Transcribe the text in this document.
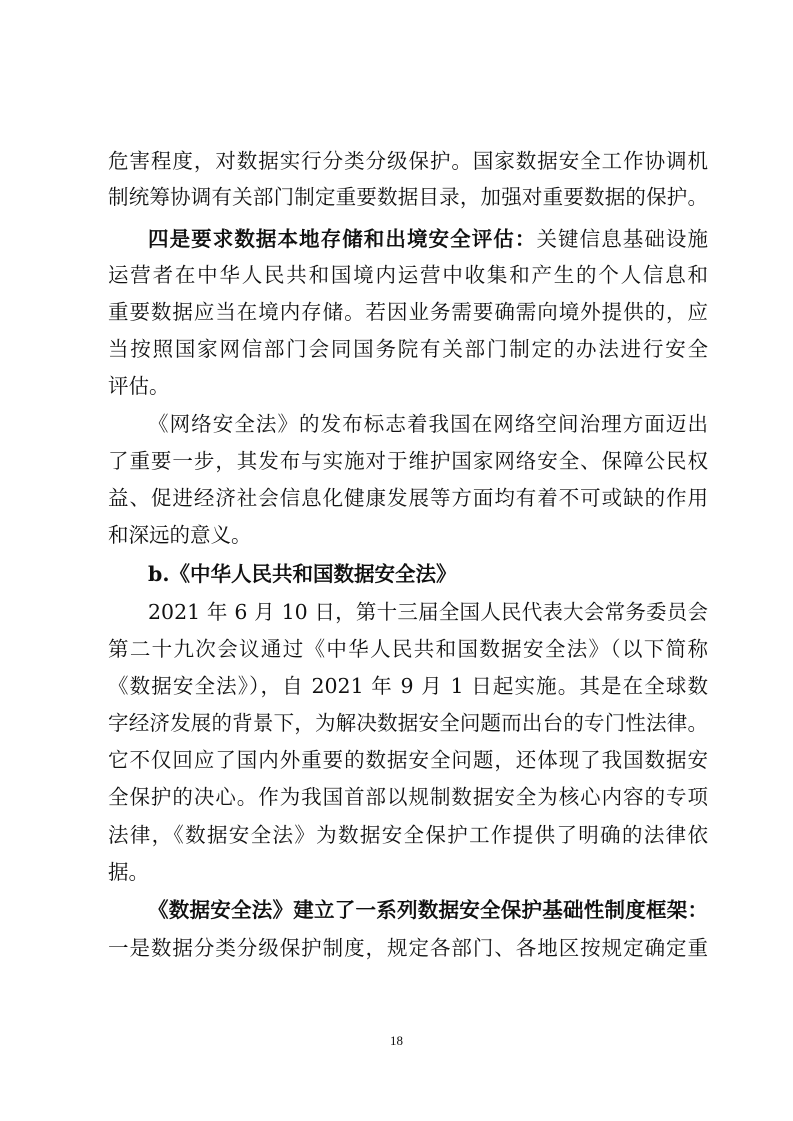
危害程度，对数据实行分类分级保护。国家数据安全工作协调机
制统筹协调有关部门制定重要数据目录，加强对重要数据的保护。
四是要求数据本地存储和出境安全评估：关键信息基础设施
运营者在中华人民共和国境内运营中收集和产生的个人信息和
重要数据应当在境内存储。若因业务需要确需向境外提供的，应
当按照国家网信部门会同国务院有关部门制定的办法进行安全
评估。
《网络安全法》的发布标志着我国在网络空间治理方面迈出
了重要一步，其发布与实施对于维护国家网络安全、保障公民权
益、促进经济社会信息化健康发展等方面均有着不可或缺的作用
和深远的意义。
b.《中华人民共和国数据安全法》
2021 年 6 月 10 日，第十三届全国人民代表大会常务委员会
第二十九次会议通过《中华人民共和国数据安全法》（以下简称
《数据安全法》），自 2021 年 9 月 1 日起实施。其是在全球数
字经济发展的背景下，为解决数据安全问题而出台的专门性法律。
它不仅回应了国内外重要的数据安全问题，还体现了我国数据安
全保护的决心。作为我国首部以规制数据安全为核心内容的专项
法律，《数据安全法》为数据安全保护工作提供了明确的法律依
据。
《数据安全法》建立了一系列数据安全保护基础性制度框架：
一是数据分类分级保护制度，规定各部门、各地区按规定确定重
18
